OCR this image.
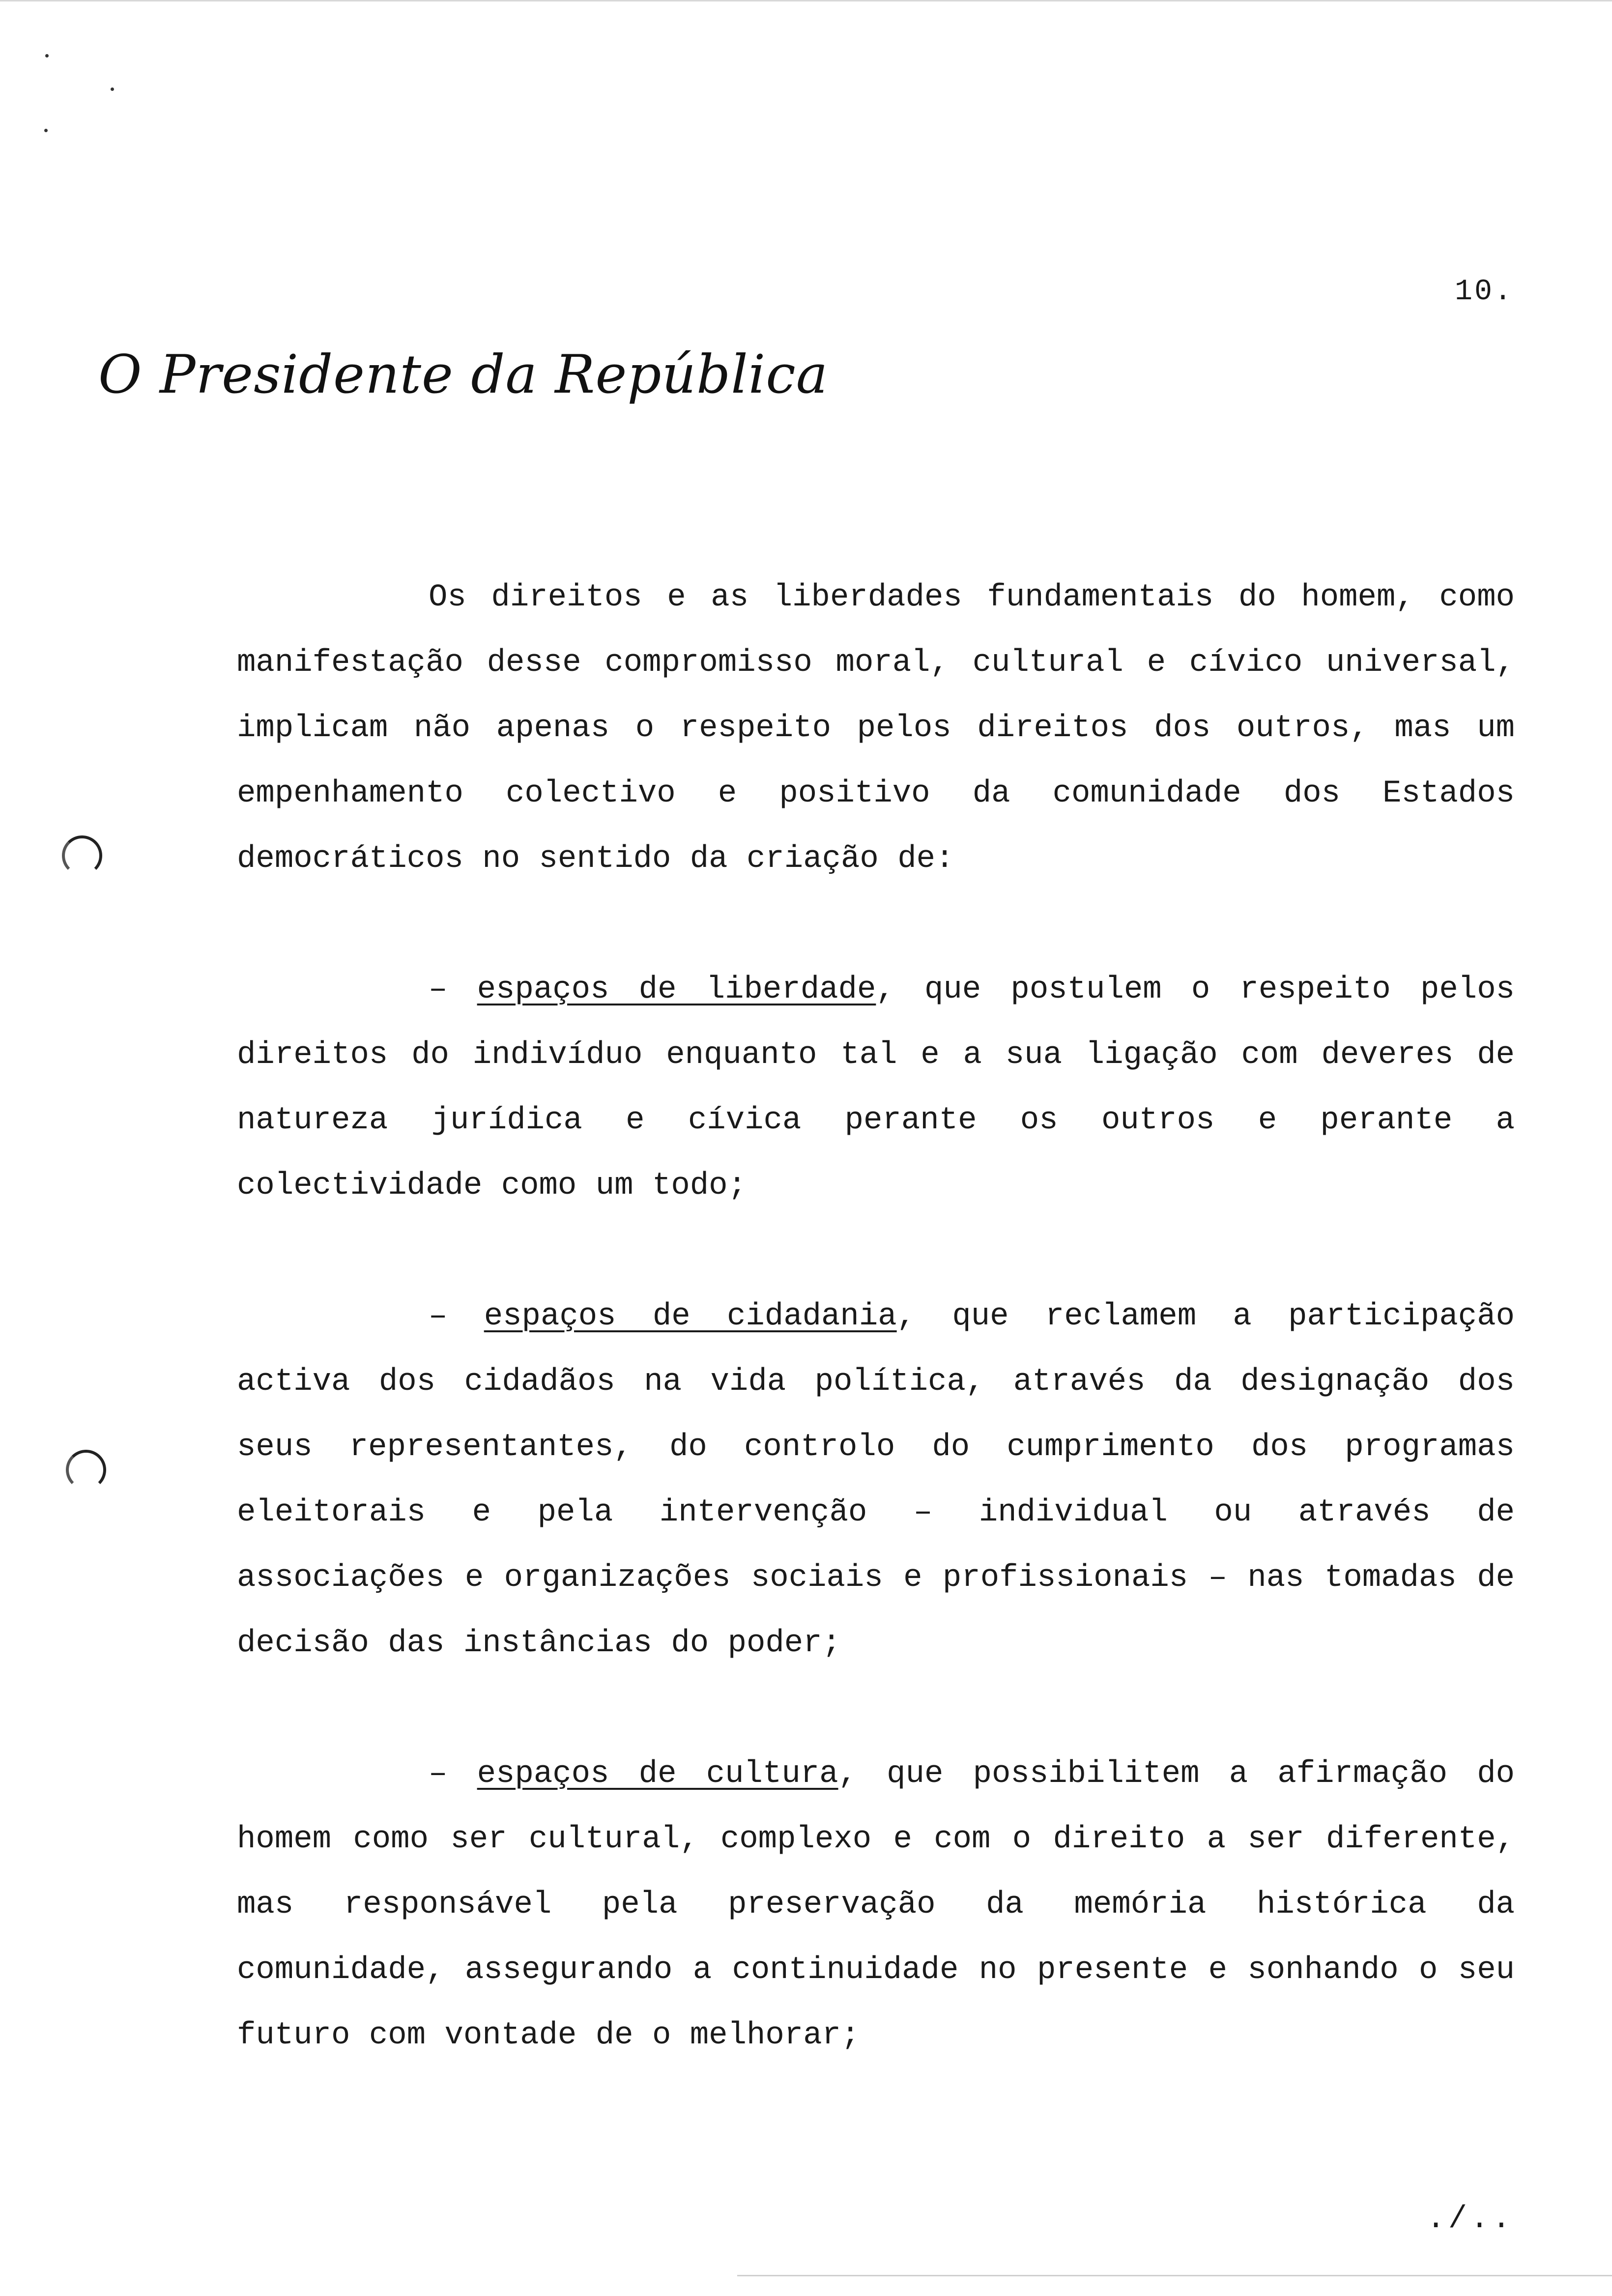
10.
O Presidente da República

Os direitos e as liberdades fundamentais do homem, como manifestação desse compromisso moral, cultural e cívico universal, implicam não apenas o respeito pelos direitos dos outros, mas um empenhamento colectivo e positivo da comunidade dos Estados democráticos no sentido da criação de:

– espaços de liberdade, que postulem o respeito pelos direitos do indivíduo enquanto tal e a sua ligação com deveres de natureza jurídica e cívica perante os outros e perante a colectividade como um todo;

– espaços de cidadania, que reclamem a participação activa dos cidadãos na vida política, através da designação dos seus representantes, do controlo do cumprimento dos programas eleitorais e pela intervenção – individual ou através de associações e organizações sociais e profissionais – nas tomadas de decisão das instâncias do poder;

– espaços de cultura, que possibilitem a afirmação do homem como ser cultural, complexo e com o direito a ser diferente, mas responsável pela preservação da memória histórica da comunidade, assegurando a continuidade no presente e sonhando o seu futuro com vontade de o melhorar;

./..
